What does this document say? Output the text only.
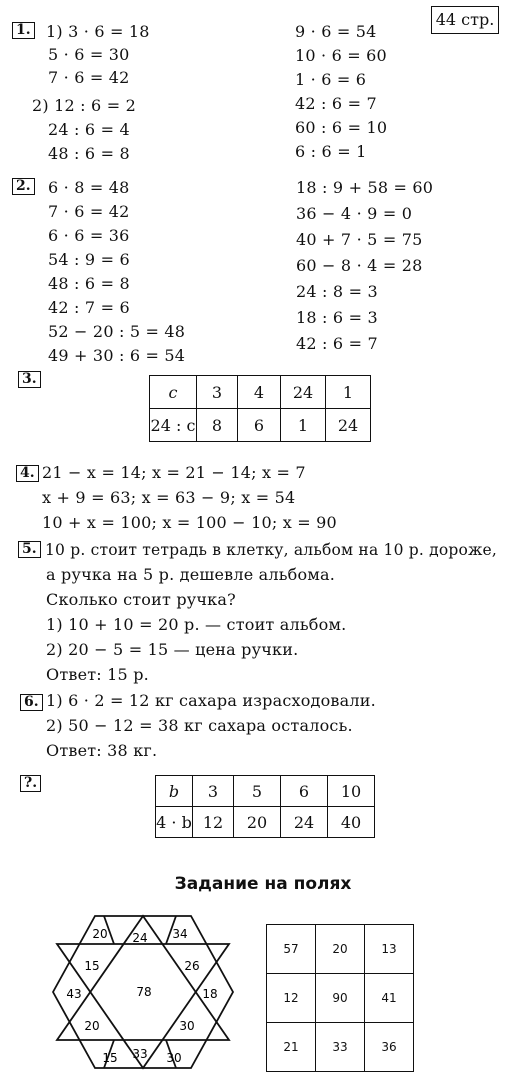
44 стр.
1. 1) 3 · 6 = 18
5 · 6 = 30
7 · 6 = 42
2) 12 : 6 = 2
24 : 6 = 4
48 : 6 = 8
9 · 6 = 54
10 · 6 = 60
1 · 6 = 6
42 : 6 = 7
60 : 6 = 10
6 : 6 = 1
2. 6 · 8 = 48
7 · 6 = 42
6 · 6 = 36
54 : 9 = 6
48 : 6 = 8
42 : 7 = 6
52 − 20 : 5 = 48
49 + 30 : 6 = 54
18 : 9 + 58 = 60
36 − 4 · 9 = 0
40 + 7 · 5 = 75
60 − 8 · 4 = 28
24 : 8 = 3
18 : 6 = 3
42 : 6 = 7
3.
c	3	4	24	1
24 : c	8	6	1	24
4. 21 − x = 14; x = 21 − 14; x = 7
x + 9 = 63; x = 63 − 9; x = 54
10 + x = 100; x = 100 − 10; x = 90
5. 10 р. стоит тетрадь в клетку, альбом на 10 р. дороже,
а ручка на 5 р. дешевле альбома.
Сколько стоит ручка?
1) 10 + 10 = 20 р. — стоит альбом.
2) 20 − 5 = 15 — цена ручки.
Ответ: 15 р.
6. 1) 6 · 2 = 12 кг сахара израсходовали.
2) 50 − 12 = 38 кг сахара осталось.
Ответ: 38 кг.
?.	b	3	5	6	10
4 · b	12	20	24	40
Задание на полях
20 24 34
15	26
43	78	18
20	30
15 33 30
57	20	13
12	90	41
21	33	36
